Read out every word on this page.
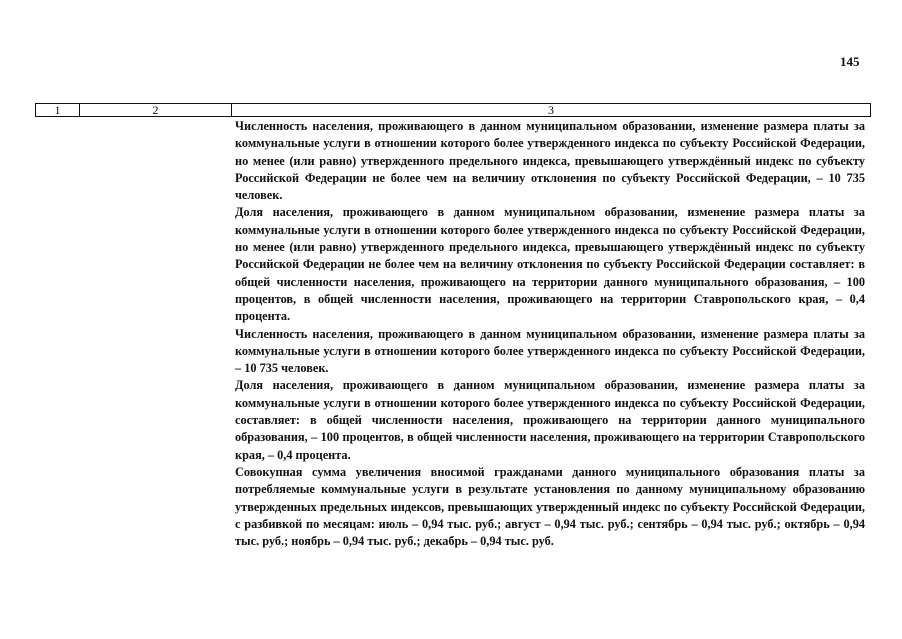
145
1	2	3

Численность населения, проживающего в данном муниципальном образовании, изменение размера платы за коммунальные услуги в отношении которого более утвержденного индекса по субъекту Российской Федерации, но менее (или равно) утвержденного предельного индекса, превышающего утверждённый индекс по субъекту Российской Федерации не более чем на величину отклонения по субъекту Российской Федерации, – 10 735 человек.

Доля населения, проживающего в данном муниципальном образовании, изменение размера платы за коммунальные услуги в отношении которого более утвержденного индекса по субъекту Российской Федерации, но менее (или равно) утвержденного предельного индекса, превышающего утверждённый индекс по субъекту Российской Федерации не более чем на величину отклонения по субъекту Российской Федерации составляет: в общей численности населения, проживающего на территории данного муниципального образования, – 100 процентов, в общей численности населения, проживающего на территории Ставропольского края, – 0,4 процента.

Численность населения, проживающего в данном муниципальном образовании, изменение размера платы за коммунальные услуги в отношении которого более утвержденного индекса по субъекту Российской Федерации, – 10 735 человек.

Доля населения, проживающего в данном муниципальном образовании, изменение размера платы за коммунальные услуги в отношении которого более утвержденного индекса по субъекту Российской Федерации, составляет: в общей численности населения, проживающего на территории данного муниципального образования, – 100 процентов, в общей численности населения, проживающего на территории Ставропольского края, – 0,4 процента.

Совокупная сумма увеличения вносимой гражданами данного муниципального образования платы за потребляемые коммунальные услуги в результате установления по данному муниципальному образованию утвержденных предельных индексов, превышающих утвержденный индекс по субъекту Российской Федерации, с разбивкой по месяцам: июль – 0,94 тыс. руб.; август – 0,94 тыс. руб.; сентябрь – 0,94 тыс. руб.; октябрь – 0,94 тыс. руб.; ноябрь – 0,94 тыс. руб.; декабрь – 0,94 тыс. руб.
